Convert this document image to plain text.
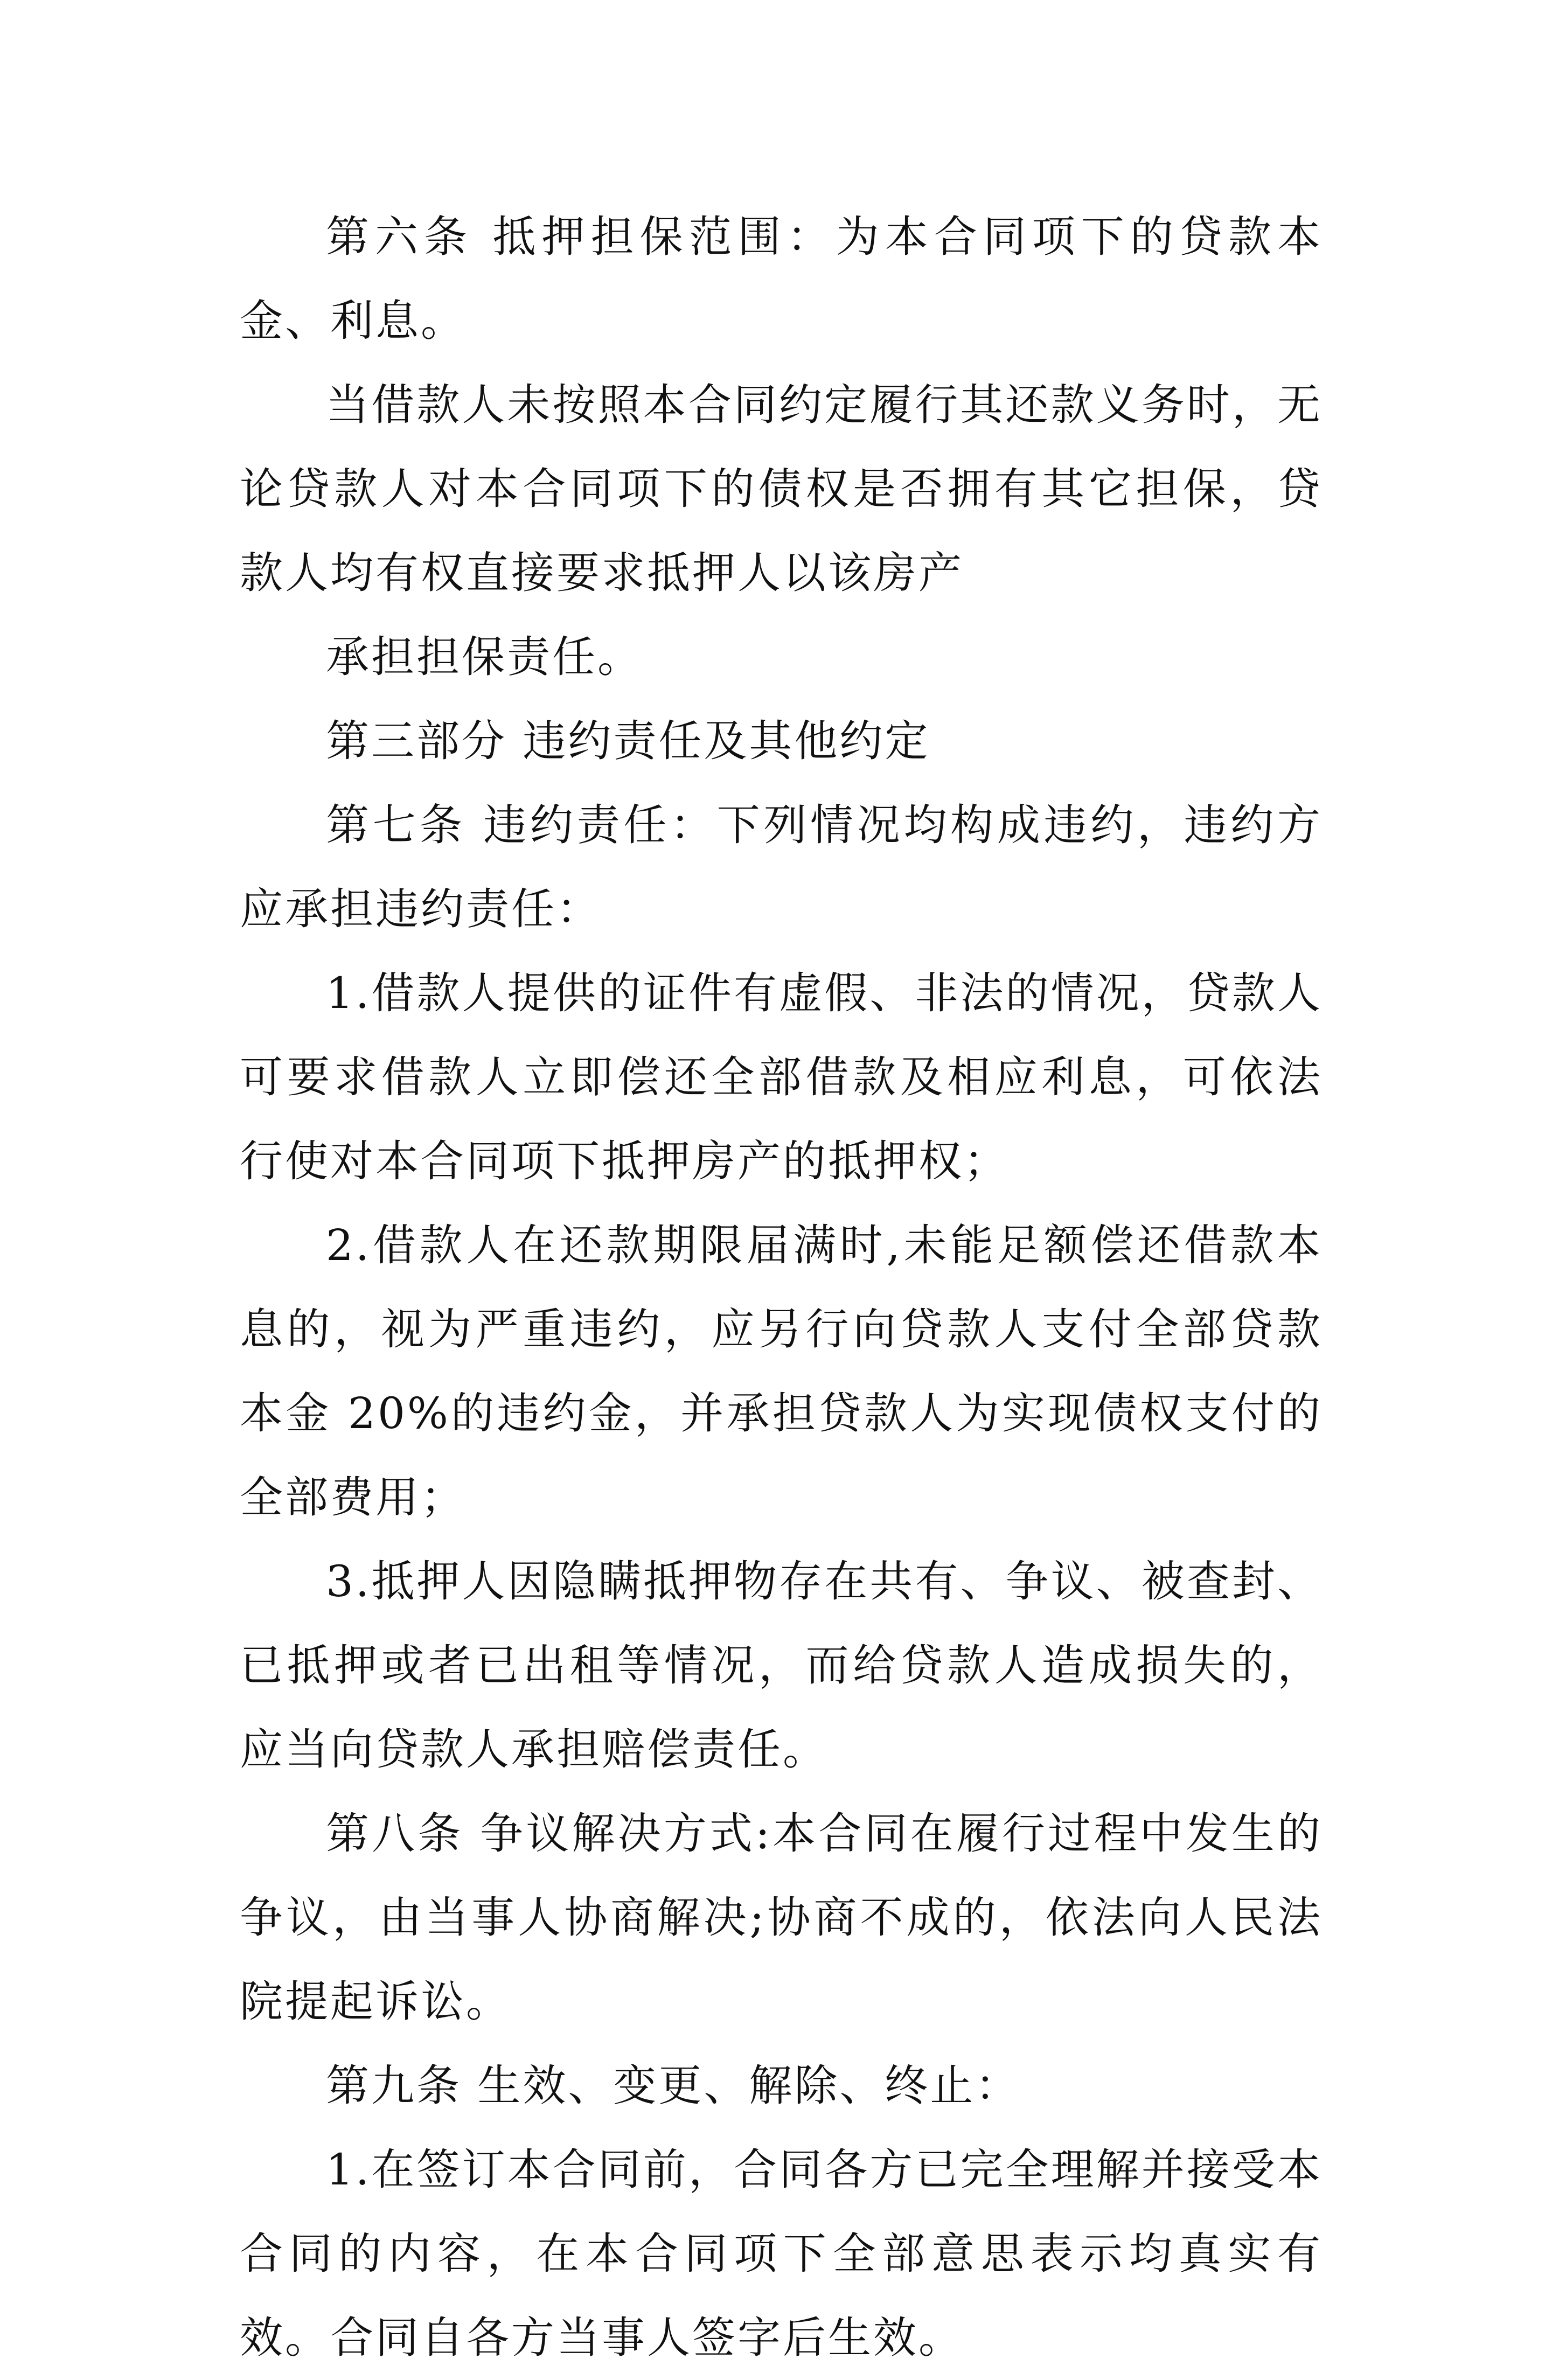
第六条 抵押担保范围：为本合同项下的贷款本金、利息。

当借款人未按照本合同约定履行其还款义务时，无论贷款人对本合同项下的债权是否拥有其它担保，贷款人均有权直接要求抵押人以该房产

承担担保责任。

第三部分 违约责任及其他约定

第七条 违约责任：下列情况均构成违约，违约方应承担违约责任：

1.借款人提供的证件有虚假、非法的情况，贷款人可要求借款人立即偿还全部借款及相应利息，可依法行使对本合同项下抵押房产的抵押权；

2.借款人在还款期限届满时,未能足额偿还借款本息的，视为严重违约，应另行向贷款人支付全部贷款本金 20%的违约金，并承担贷款人为实现债权支付的全部费用；

3.抵押人因隐瞒抵押物存在共有、争议、被查封、已抵押或者已出租等情况，而给贷款人造成损失的，应当向贷款人承担赔偿责任。

第八条 争议解决方式:本合同在履行过程中发生的争议，由当事人协商解决;协商不成的，依法向人民法院提起诉讼。

第九条 生效、变更、解除、终止：

1.在签订本合同前，合同各方已完全理解并接受本合同的内容，在本合同项下全部意思表示均真实有效。合同自各方当事人签字后生效。
